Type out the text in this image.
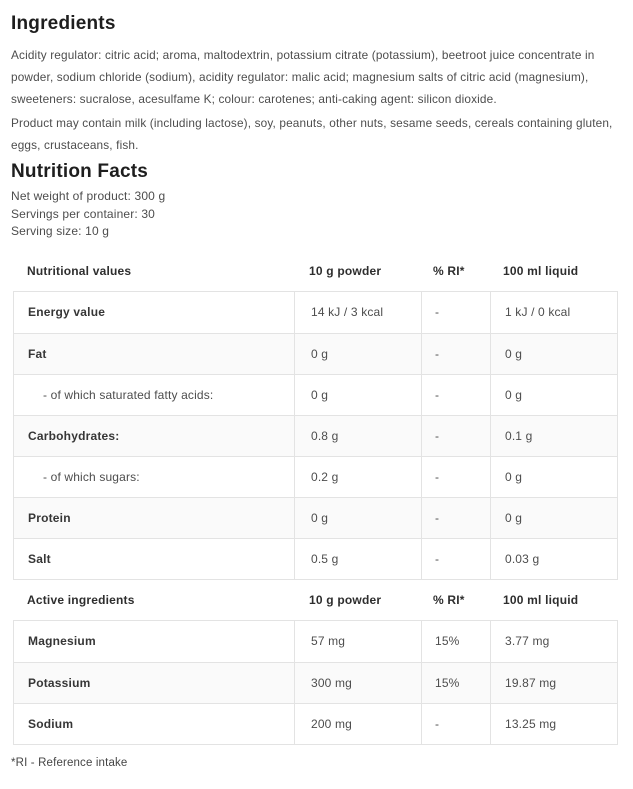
Ingredients

Acidity regulator: citric acid; aroma, maltodextrin, potassium citrate (potassium), beetroot juice concentrate in powder, sodium chloride (sodium), acidity regulator: malic acid; magnesium salts of citric acid (magnesium), sweeteners: sucralose, acesulfame K; colour: carotenes; anti-caking agent: silicon dioxide.

Product may contain milk (including lactose), soy, peanuts, other nuts, sesame seeds, cereals containing gluten, eggs, crustaceans, fish.

Nutrition Facts
Net weight of product: 300 g
Servings per container: 30
Serving size: 10 g
Nutritional values	10 g powder	% RI*	100 ml liquid
Energy value	14 kJ / 3 kcal	-	1 kJ / 0 kcal
Fat	0 g	-	0 g
- of which saturated fatty acids:	0 g	-	0 g
Carbohydrates:	0.8 g	-	0.1 g
- of which sugars:	0.2 g	-	0 g
Protein	0 g	-	0 g
Salt	0.5 g	-	0.03 g
Active ingredients	10 g powder	% RI*	100 ml liquid
Magnesium	57 mg	15%	3.77 mg
Potassium	300 mg	15%	19.87 mg
Sodium	200 mg	-	13.25 mg
*RI - Reference intake
